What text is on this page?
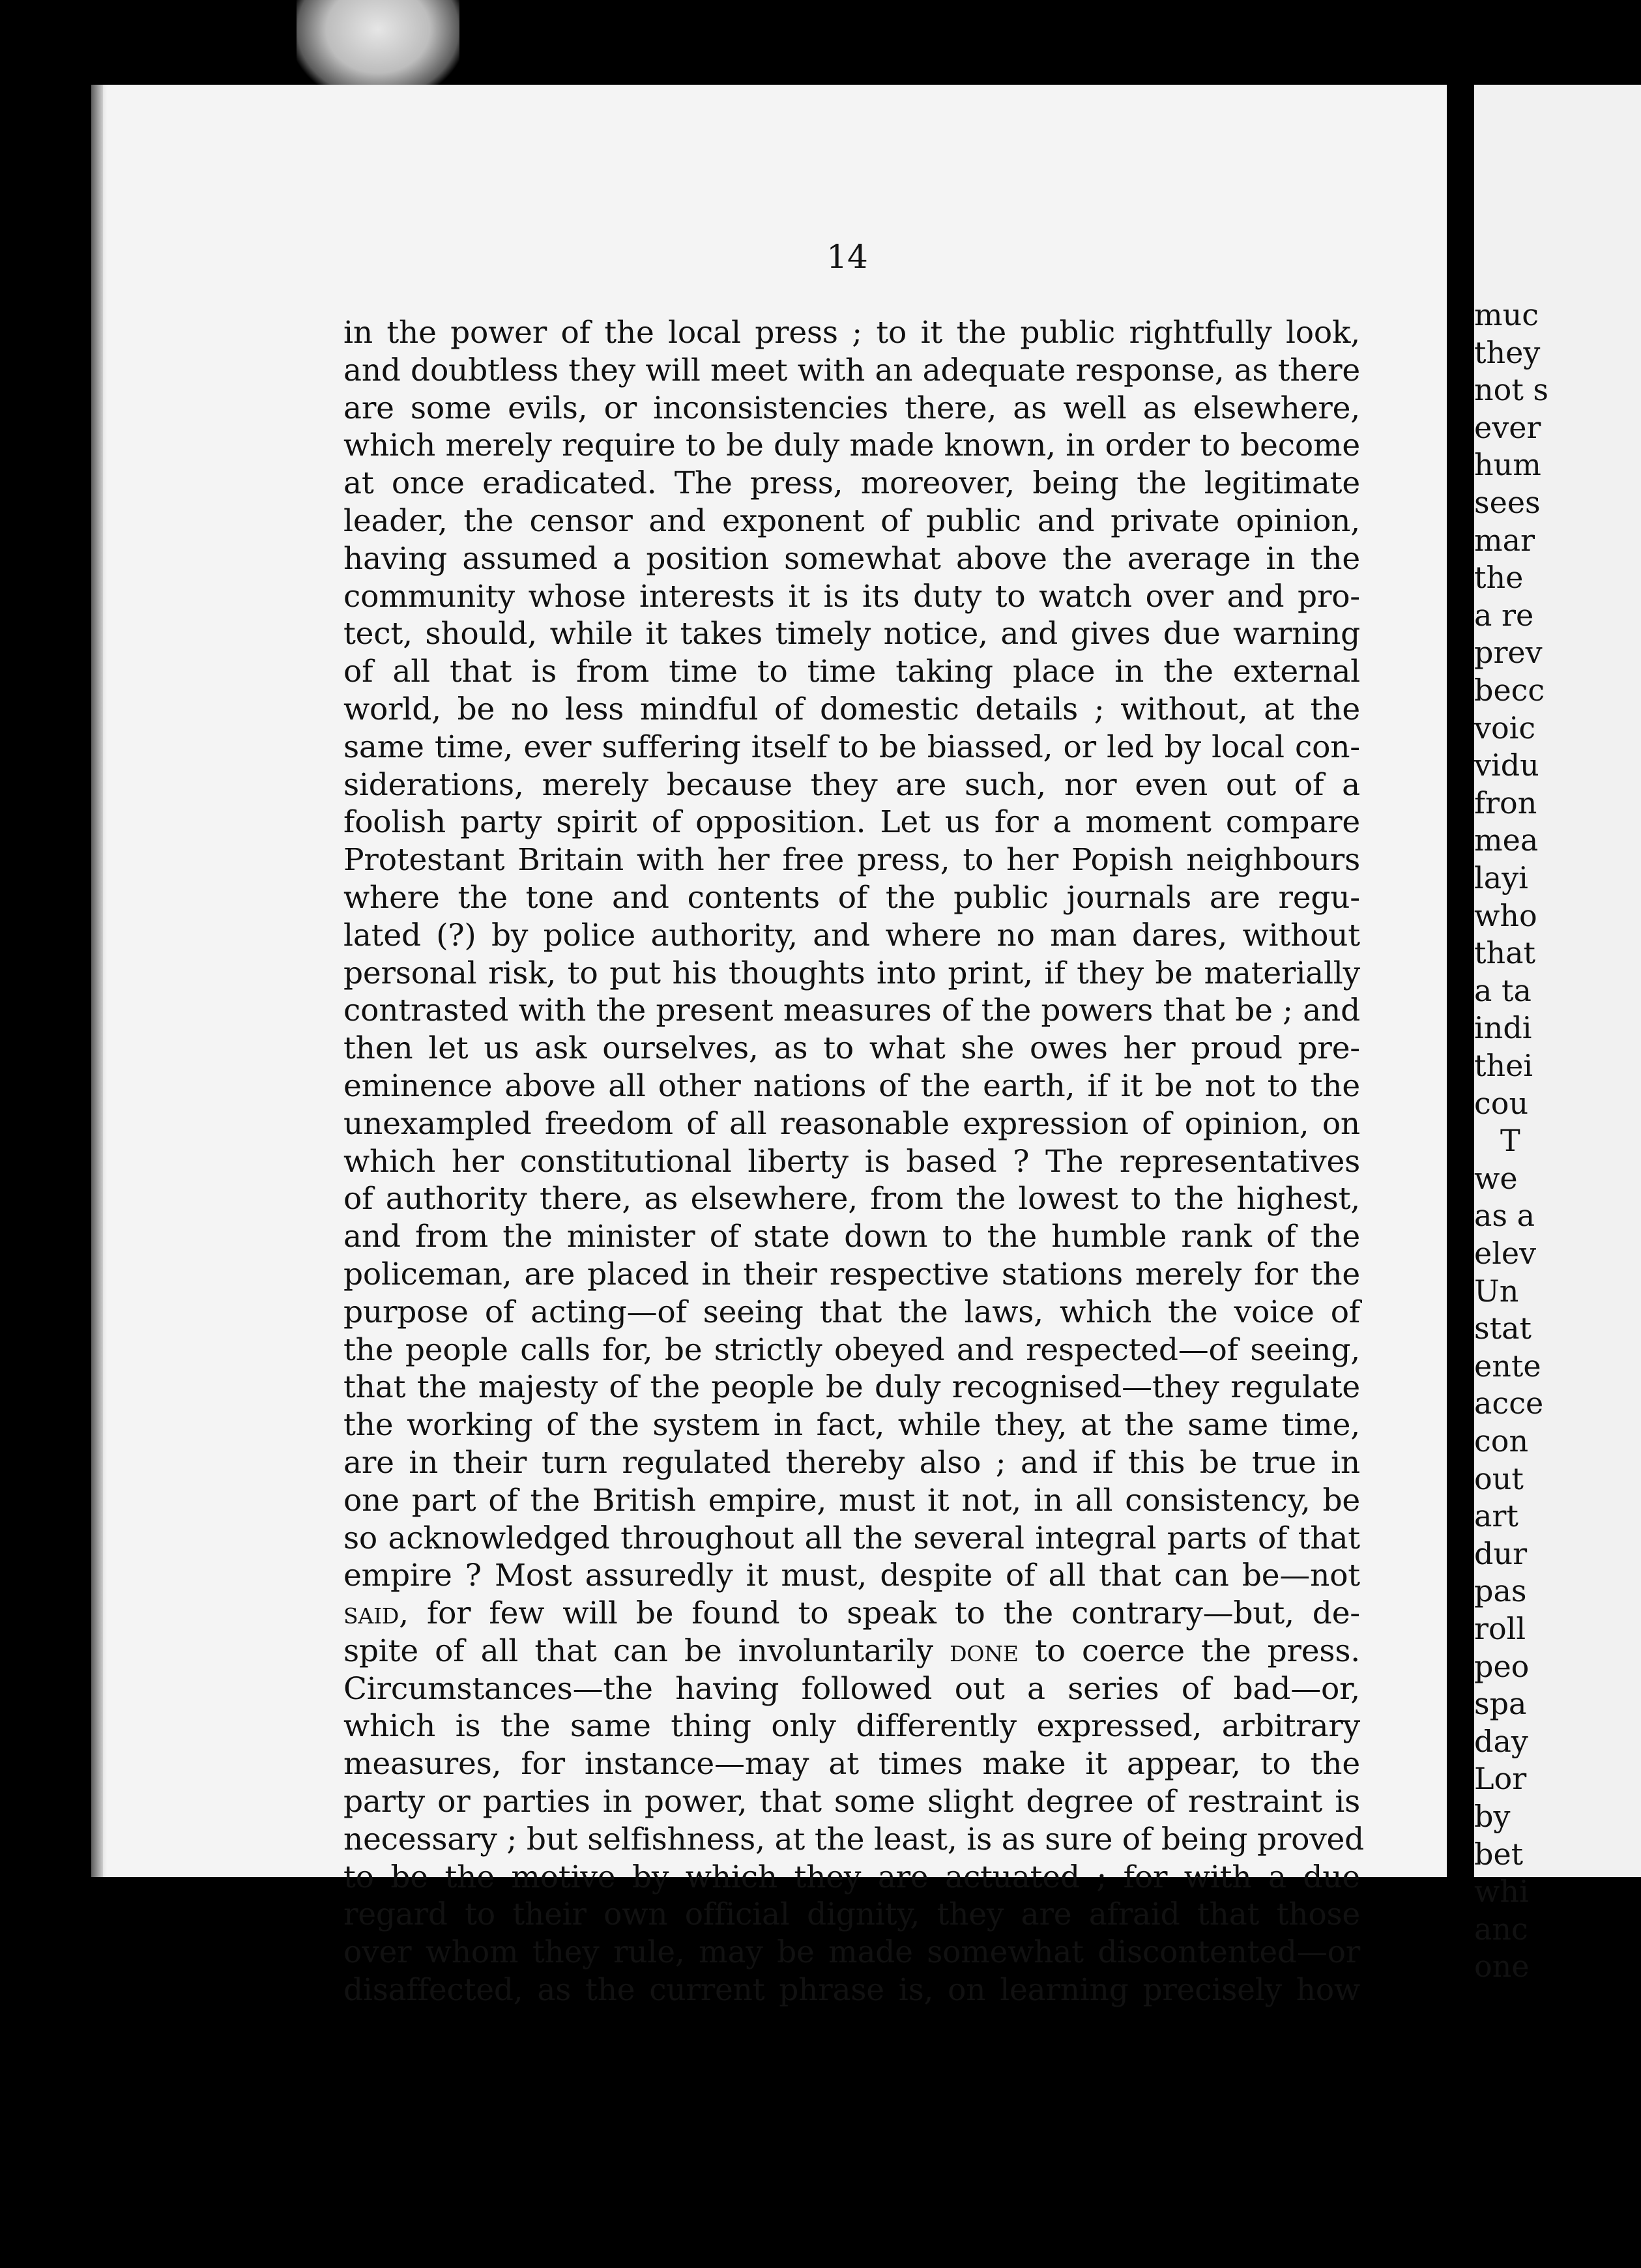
14
in the power of the local press ; to it the public rightfully look,
and doubtless they will meet with an adequate response, as there
are some evils, or inconsistencies there, as well as elsewhere,
which merely require to be duly made known, in order to become
at once eradicated. The press, moreover, being the legitimate
leader, the censor and exponent of public and private opinion,
having assumed a position somewhat above the average in the
community whose interests it is its duty to watch over and pro-
tect, should, while it takes timely notice, and gives due warning
of all that is from time to time taking place in the external
world, be no less mindful of domestic details ; without, at the
same time, ever suffering itself to be biassed, or led by local con-
siderations, merely because they are such, nor even out of a
foolish party spirit of opposition. Let us for a moment compare
Protestant Britain with her free press, to her Popish neighbours
where the tone and contents of the public journals are regu-
lated (?) by police authority, and where no man dares, without
personal risk, to put his thoughts into print, if they be materially
contrasted with the present measures of the powers that be ; and
then let us ask ourselves, as to what she owes her proud pre-
eminence above all other nations of the earth, if it be not to the
unexampled freedom of all reasonable expression of opinion, on
which her constitutional liberty is based ? The representatives
of authority there, as elsewhere, from the lowest to the highest,
and from the minister of state down to the humble rank of the
policeman, are placed in their respective stations merely for the
purpose of acting—of seeing that the laws, which the voice of
the people calls for, be strictly obeyed and respected—of seeing,
that the majesty of the people be duly recognised—they regulate
the working of the system in fact, while they, at the same time,
are in their turn regulated thereby also ; and if this be true in
one part of the British empire, must it not, in all consistency, be
so acknowledged throughout all the several integral parts of that
empire ? Most assuredly it must, despite of all that can be—not
said, for few will be found to speak to the contrary—but, de-
spite of all that can be involuntarily done to coerce the press.
Circumstances—the having followed out a series of bad—or,
which is the same thing only differently expressed, arbitrary
measures, for instance—may at times make it appear, to the
party or parties in power, that some slight degree of restraint is
necessary ; but selfishness, at the least, is as sure of being proved
to be the motive by which they are actuated ; for with a due
regard to their own official dignity, they are afraid that those
over whom they rule, may be made somewhat discontented—or
disaffected, as the current phrase is, on learning precisely how
muc
they
not s
ever
hum
sees
mar
the
a re
prev
becc
voic
vidu
fron
mea
layi
who
that
a ta
indi
thei
cou
T
we
as a
elev
Un
stat
ente
acce
con
out
art
dur
pas
roll
peo
spa
day
Lor
by
bet
whi
anc
one
